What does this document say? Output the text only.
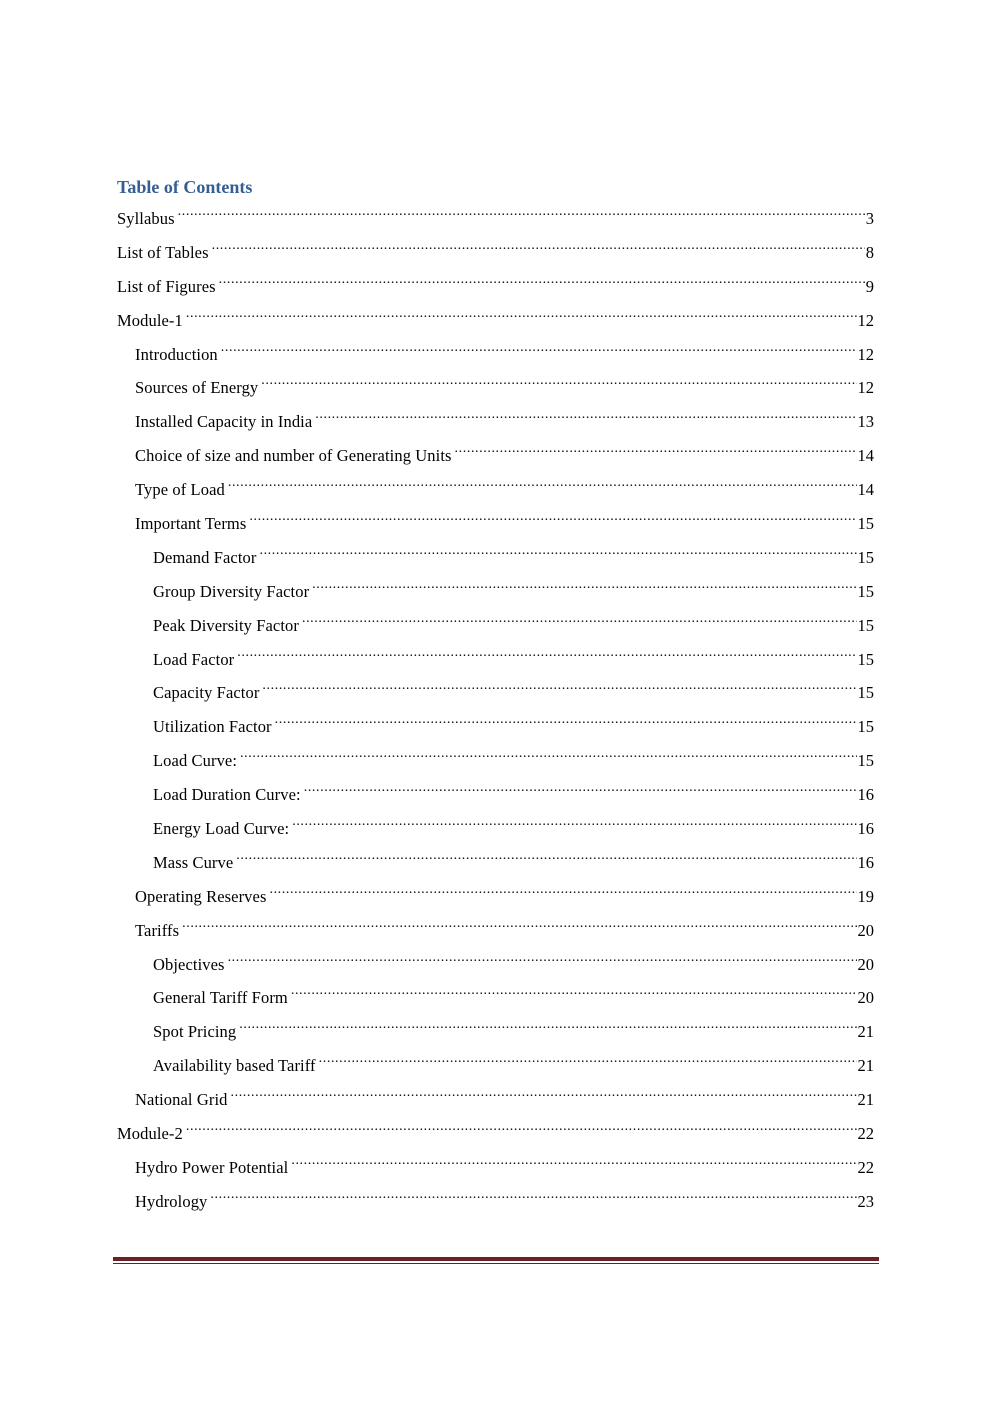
Table of Contents
Syllabus .....	3
List of Tables .....	8
List of Figures .....	9
Module-1 .....	12
Introduction .....	12
Sources of Energy .....	12
Installed Capacity in India .....	13
Choice of size and number of Generating Units .....	14
Type of Load .....	14
Important Terms .....	15
Demand Factor .....	15
Group Diversity Factor .....	15
Peak Diversity Factor .....	15
Load Factor .....	15
Capacity Factor .....	15
Utilization Factor .....	15
Load Curve: .....	15
Load Duration Curve: .....	16
Energy Load Curve: .....	16
Mass Curve .....	16
Operating Reserves .....	19
Tariffs .....	20
Objectives .....	20
General Tariff Form .....	20
Spot Pricing .....	21
Availability based Tariff .....	21
National Grid .....	21
Module-2 .....	22
Hydro Power Potential .....	22
Hydrology .....	23
